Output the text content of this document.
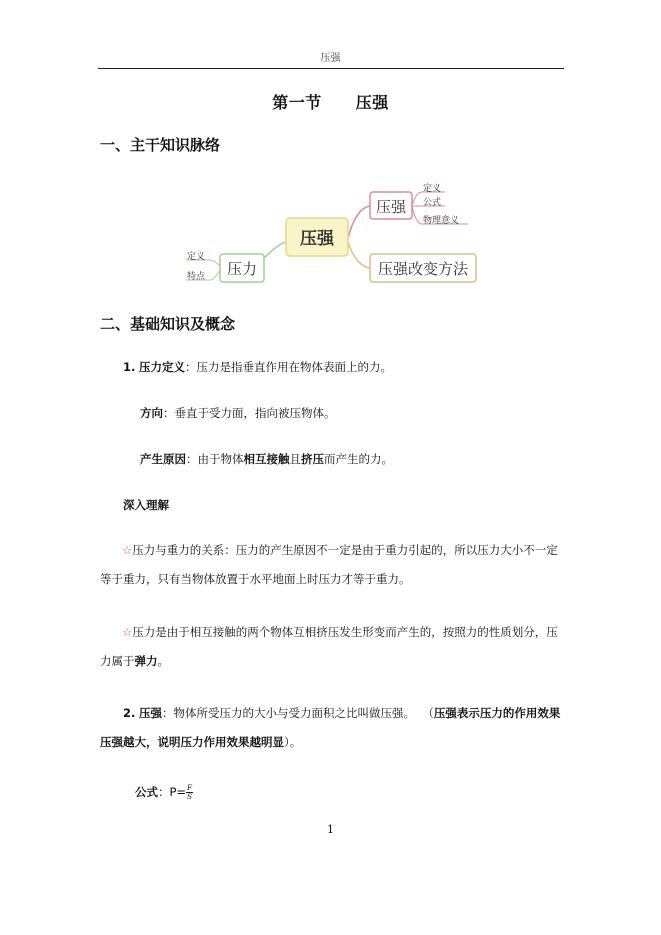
压强
第一节 压强
一、主干知识脉络
压强
压强
定义
公式
物理意义
压强改变方法
压力
定义
特点
二、基础知识及概念
1. 压力定义：压力是指垂直作用在物体表面上的力。
方向：垂直于受力面，指向被压物体。
产生原因：由于物体相互接触且挤压而产生的力。
深入理解
☆压力与重力的关系：压力的产生原因不一定是由于重力引起的，所以压力大小不一定
等于重力，只有当物体放置于水平地面上时压力才等于重力。
☆压力是由于相互接触的两个物体互相挤压发生形变而产生的，按照力的性质划分，压
力属于弹力。
2. 压强：物体所受压力的大小与受力面积之比叫做压强。 （压强表示压力的作用效果
压强越大，说明压力作用效果越明显）。
公式：$P= \frac{F}{S}$
1
